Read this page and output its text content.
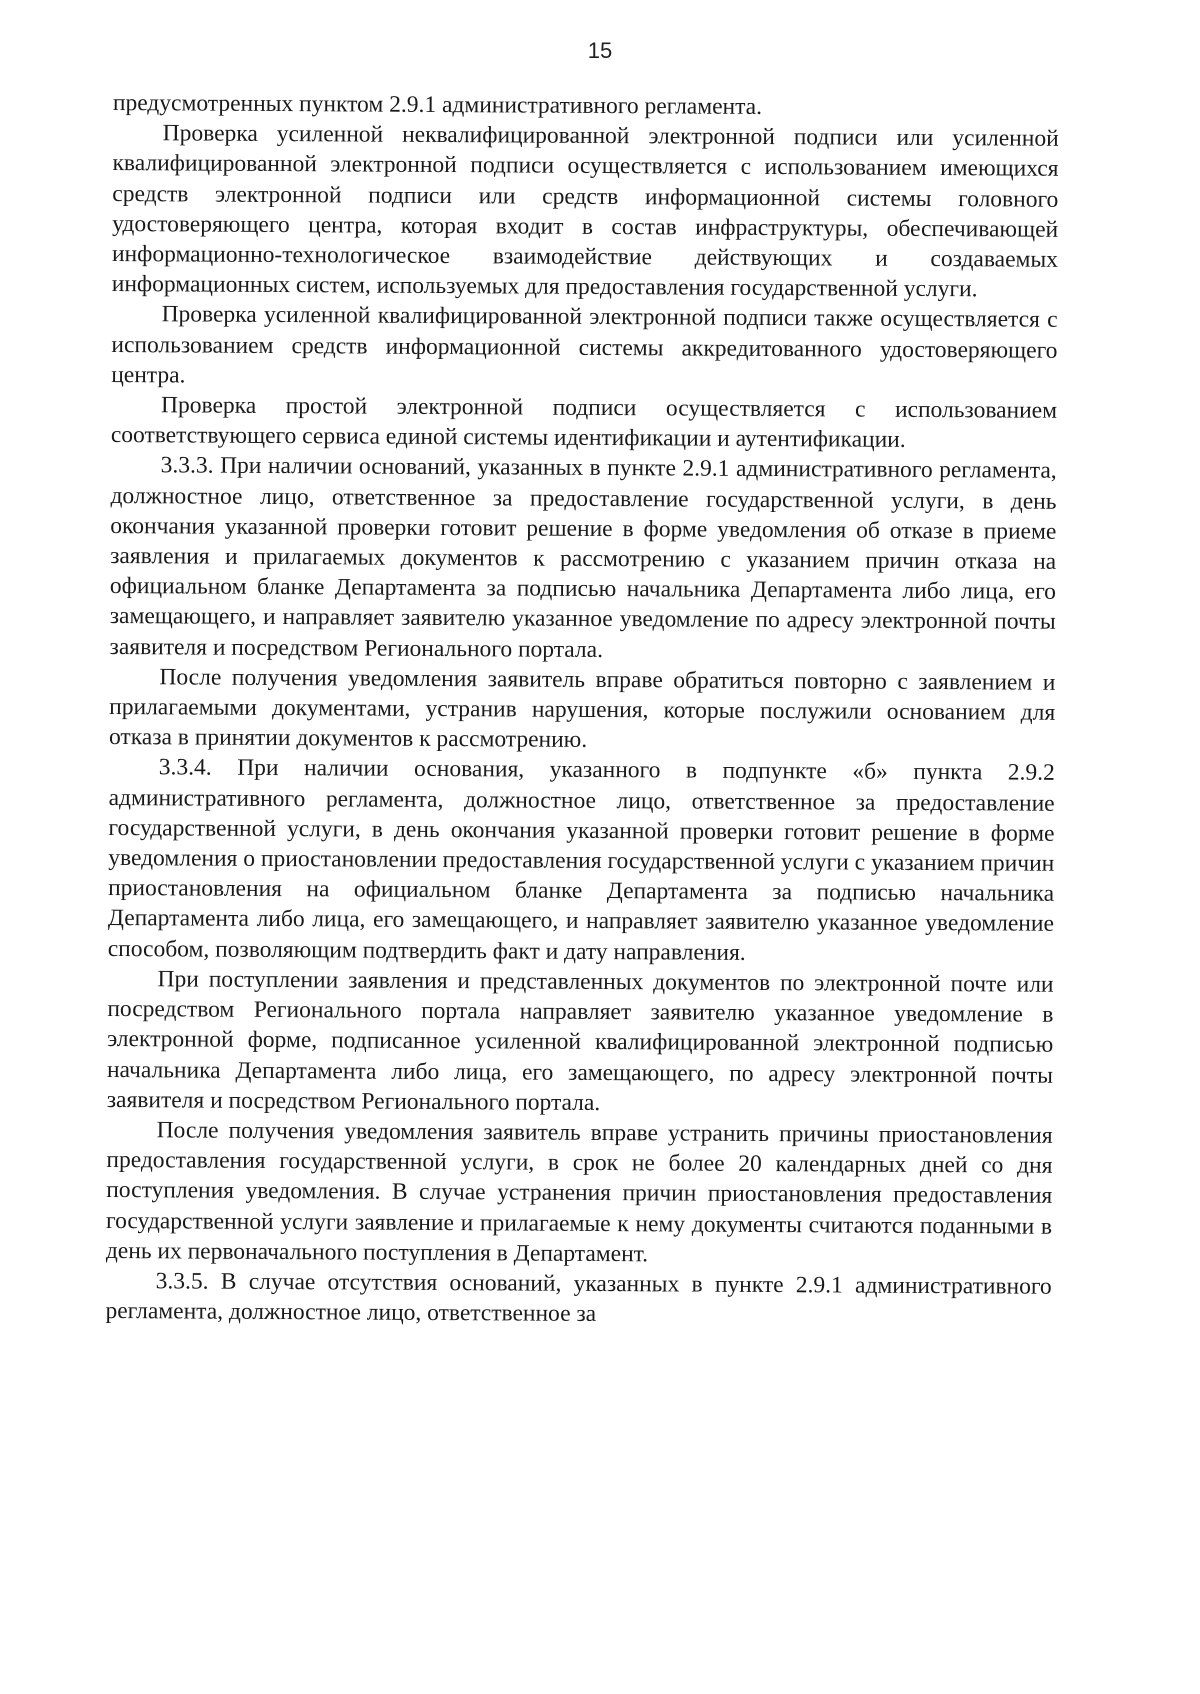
15

предусмотренных пунктом 2.9.1 административного регламента.

Проверка усиленной неквалифицированной электронной подписи или усиленной квалифицированной электронной подписи осуществляется с использованием имеющихся средств электронной подписи или средств информационной системы головного удостоверяющего центра, которая входит в состав инфраструктуры, обеспечивающей информационно-технологическое взаимодействие действующих и создаваемых информационных систем, используемых для предоставления государственной услуги.

Проверка усиленной квалифицированной электронной подписи также осуществляется с использованием средств информационной системы аккредитованного удостоверяющего центра.

Проверка простой электронной подписи осуществляется с использованием соответствующего сервиса единой системы идентификации и аутентификации.

3.3.3. При наличии оснований, указанных в пункте 2.9.1 административного регламента, должностное лицо, ответственное за предоставление государственной услуги, в день окончания указанной проверки готовит решение в форме уведомления об отказе в приеме заявления и прилагаемых документов к рассмотрению с указанием причин отказа на официальном бланке Департамента за подписью начальника Департамента либо лица, его замещающего, и направляет заявителю указанное уведомление по адресу электронной почты заявителя и посредством Регионального портала.

После получения уведомления заявитель вправе обратиться повторно с заявлением и прилагаемыми документами, устранив нарушения, которые послужили основанием для отказа в принятии документов к рассмотрению.

3.3.4. При наличии основания, указанного в подпункте «б» пункта 2.9.2 административного регламента, должностное лицо, ответственное за предоставление государственной услуги, в день окончания указанной проверки готовит решение в форме уведомления о приостановлении предоставления государственной услуги с указанием причин приостановления на официальном бланке Департамента за подписью начальника Департамента либо лица, его замещающего, и направляет заявителю указанное уведомление способом, позволяющим подтвердить факт и дату направления.

При поступлении заявления и представленных документов по электронной почте или посредством Регионального портала направляет заявителю указанное уведомление в электронной форме, подписанное усиленной квалифицированной электронной подписью начальника Департамента либо лица, его замещающего, по адресу электронной почты заявителя и посредством Регионального портала.

После получения уведомления заявитель вправе устранить причины приостановления предоставления государственной услуги, в срок не более 20 календарных дней со дня поступления уведомления. В случае устранения причин приостановления предоставления государственной услуги заявление и прилагаемые к нему документы считаются поданными в день их первоначального поступления в Департамент.

3.3.5. В случае отсутствия оснований, указанных в пункте 2.9.1 административного регламента, должностное лицо, ответственное за
